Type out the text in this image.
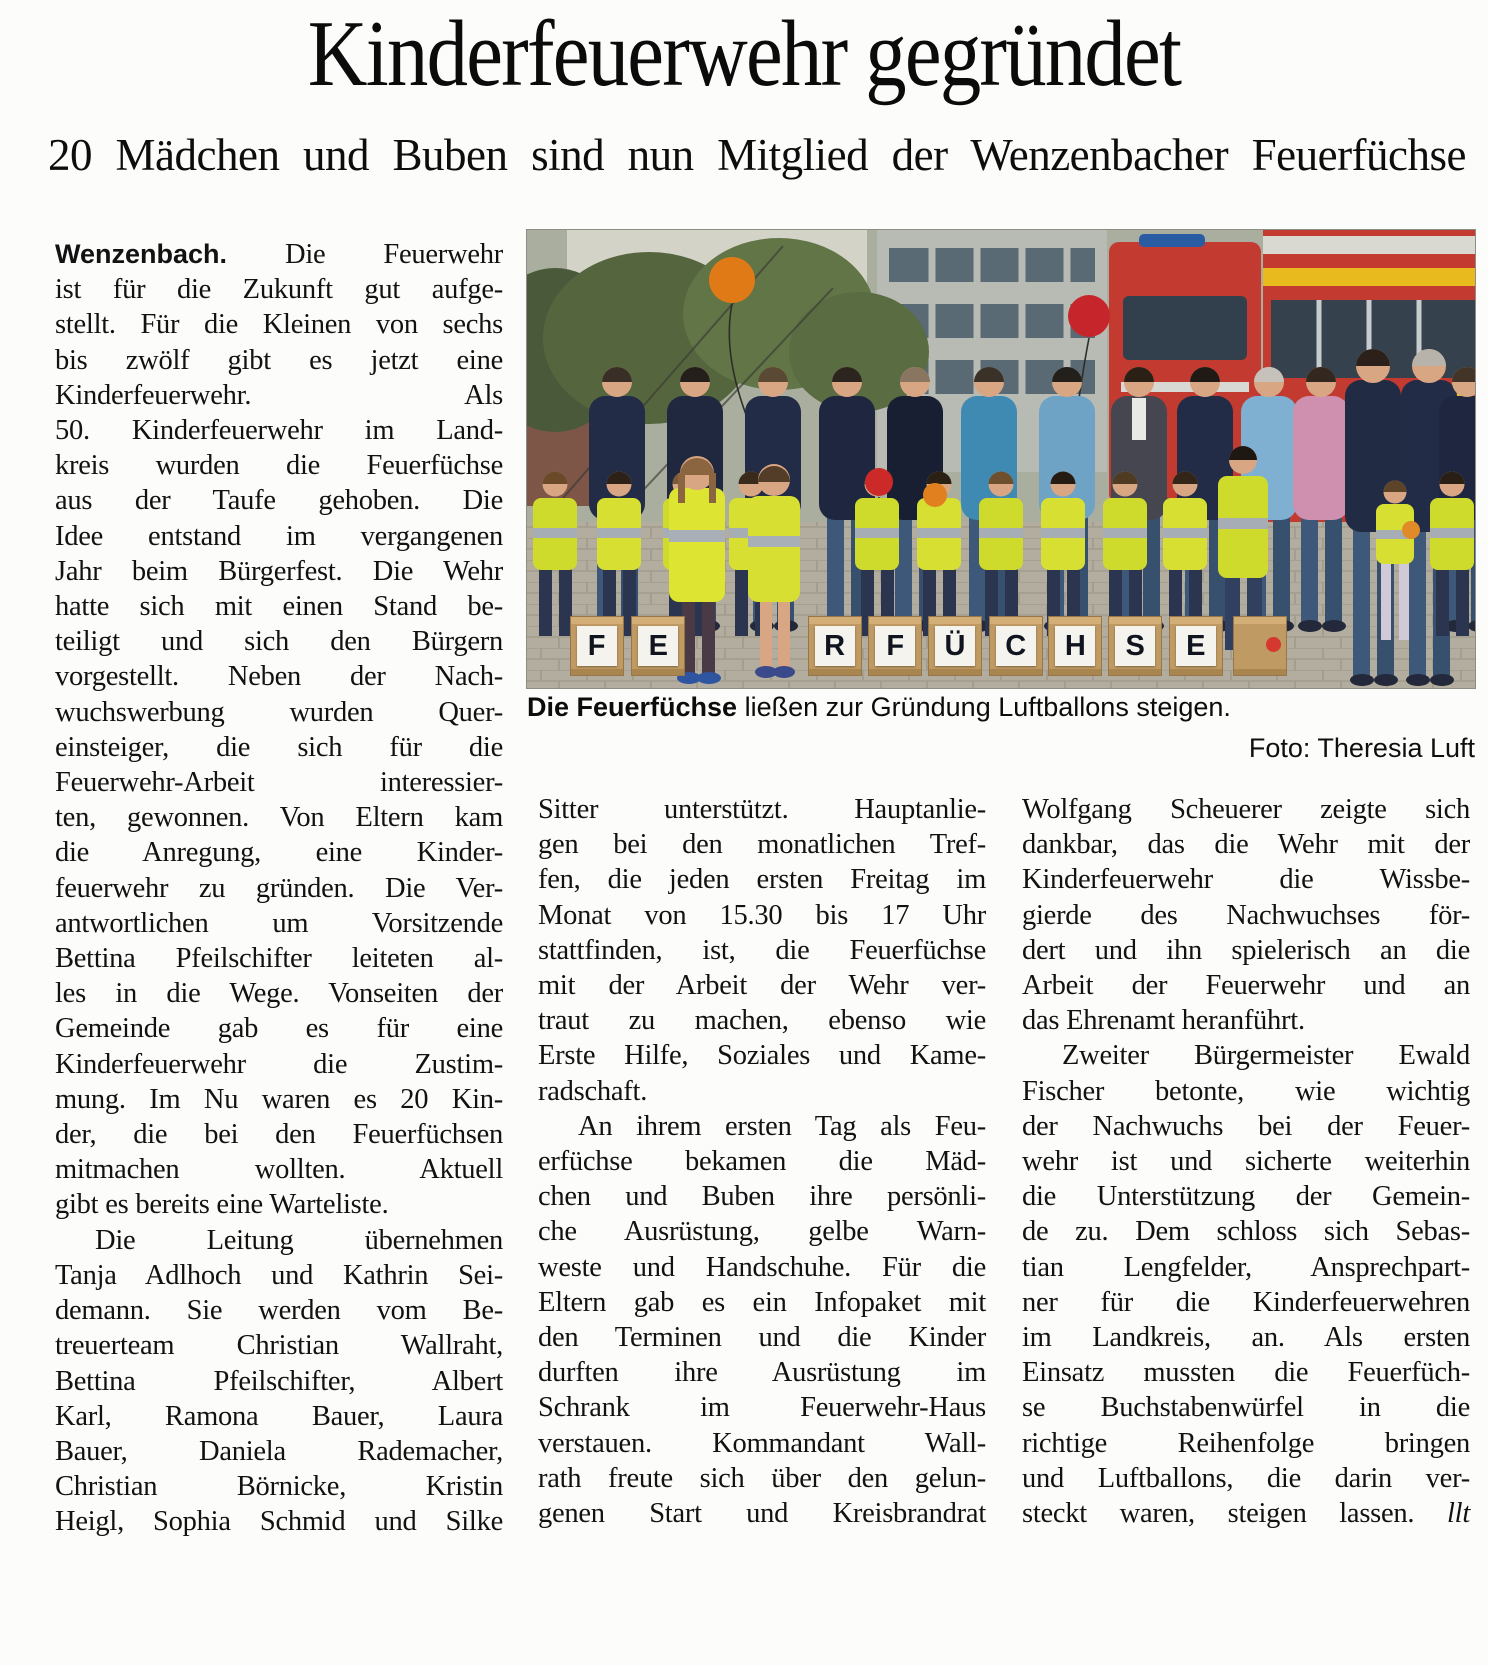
Kinderfeuerwehr gegründet
20 Mädchen und Buben sind nun Mitglied der Wenzenbacher Feuerfüchse
Wenzenbach. Die Feuerwehr
ist für die Zukunft gut aufge-
stellt. Für die Kleinen von sechs
bis zwölf gibt es jetzt eine
Kinderfeuerwehr. Als
50. Kinderfeuerwehr im Land-
kreis wurden die Feuerfüchse
aus der Taufe gehoben. Die
Idee entstand im vergangenen
Jahr beim Bürgerfest. Die Wehr
hatte sich mit einen Stand be-
teiligt und sich den Bürgern
vorgestellt. Neben der Nach-
wuchswerbung wurden Quer-
einsteiger, die sich für die
Feuerwehr-Arbeit interessier-
ten, gewonnen. Von Eltern kam
die Anregung, eine Kinder-
feuerwehr zu gründen. Die Ver-
antwortlichen um Vorsitzende
Bettina Pfeilschifter leiteten al-
les in die Wege. Vonseiten der
Gemeinde gab es für eine
Kinderfeuerwehr die Zustim-
mung. Im Nu waren es 20 Kin-
der, die bei den Feuerfüchsen
mitmachen wollten. Aktuell
gibt es bereits eine Warteliste.
Die Leitung übernehmen
Tanja Adlhoch und Kathrin Sei-
demann. Sie werden vom Be-
treuerteam Christian Wallraht,
Bettina Pfeilschifter, Albert
Karl, Ramona Bauer, Laura
Bauer, Daniela Rademacher,
Christian Börnicke, Kristin
Heigl, Sophia Schmid und Silke
F	E	R	F	Ü	C	H	S	E
Die Feuerfüchse ließen zur Gründung Luftballons steigen.
Foto: Theresia Luft
Sitter unterstützt. Hauptanlie-
gen bei den monatlichen Tref-
fen, die jeden ersten Freitag im
Monat von 15.30 bis 17 Uhr
stattfinden, ist, die Feuerfüchse
mit der Arbeit der Wehr ver-
traut zu machen, ebenso wie
Erste Hilfe, Soziales und Kame-
radschaft.
An ihrem ersten Tag als Feu-
erfüchse bekamen die Mäd-
chen und Buben ihre persönli-
che Ausrüstung, gelbe Warn-
weste und Handschuhe. Für die
Eltern gab es ein Infopaket mit
den Terminen und die Kinder
durften ihre Ausrüstung im
Schrank im Feuerwehr-Haus
verstauen. Kommandant Wall-
rath freute sich über den gelun-
genen Start und Kreisbrandrat
Wolfgang Scheuerer zeigte sich
dankbar, das die Wehr mit der
Kinderfeuerwehr die Wissbe-
gierde des Nachwuchses för-
dert und ihn spielerisch an die
Arbeit der Feuerwehr und an
das Ehrenamt heranführt.
Zweiter Bürgermeister Ewald
Fischer betonte, wie wichtig
der Nachwuchs bei der Feuer-
wehr ist und sicherte weiterhin
die Unterstützung der Gemein-
de zu. Dem schloss sich Sebas-
tian Lengfelder, Ansprechpart-
ner für die Kinderfeuerwehren
im Landkreis, an. Als ersten
Einsatz mussten die Feuerfüch-
se Buchstabenwürfel in die
richtige Reihenfolge bringen
und Luftballons, die darin ver-
steckt waren, steigen lassen. llt
